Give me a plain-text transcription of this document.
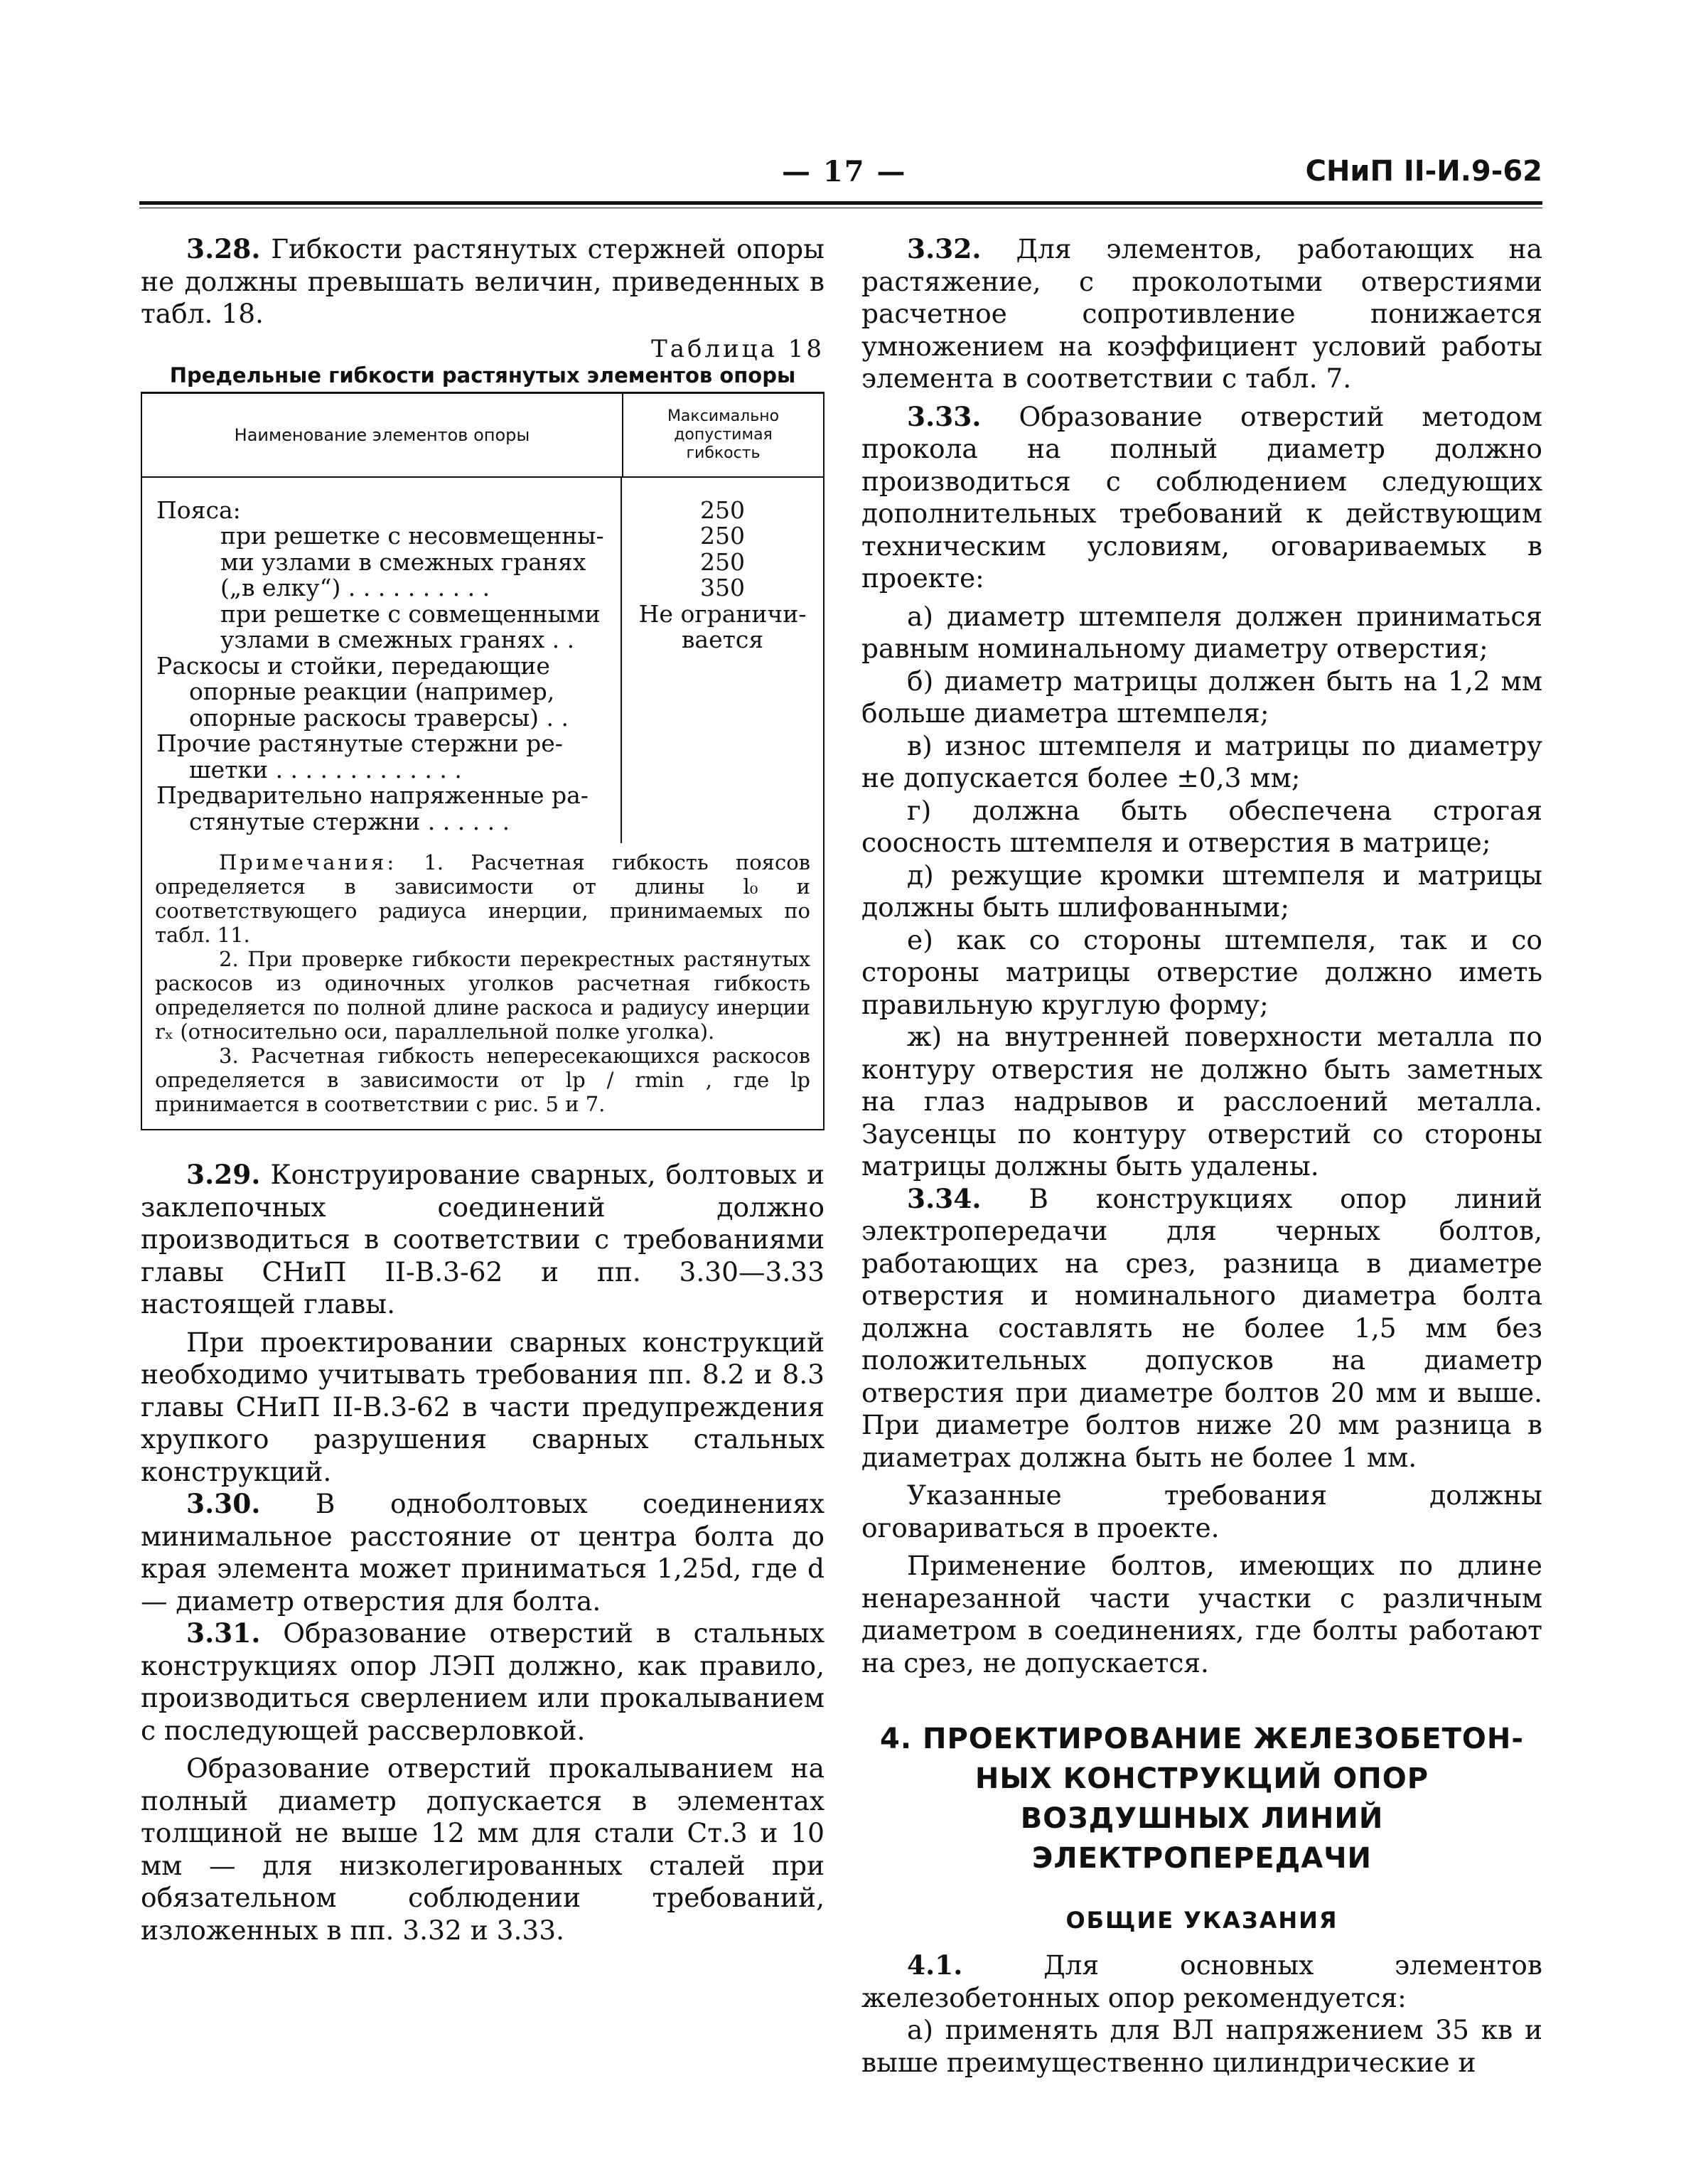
— 17 —	СНиП II-И.9-62

3.28. Гибкости растянутых стержней опоры не должны превышать величин, приведенных в табл. 18.

Таблица 18
Предельные гибкости растянутых элементов опоры
Наименование элементов опоры
Максимально допустимая гибкость
Пояса:
при решетке с несовмещенны-
ми узлами в смежных гранях
(„в елку“) . . . . . . . . . .
при решетке с совмещенными
узлами в смежных гранях . .
Раскосы и стойки, передающие
опорные реакции (например,
опорные раскосы траверсы) . .
Прочие растянутые стержни ре-
шетки . . . . . . . . . . . . .
Предварительно напряженные ра-
стянутые стержни . . . . . .
250
250
250
350
Не ограничи-
вается
Примечания: 1. Расчетная гибкость поясов определяется в зависимости от длины l₀ и соответствующего радиуса инерции, принимаемых по табл. 11.
2. При проверке гибкости перекрестных растянутых раскосов из одиночных уголков расчетная гибкость определяется по полной длине раскоса и радиусу инерции rₓ (относительно оси, параллельной полке уголка).
3. Расчетная гибкость непересекающихся раскосов определяется в зависимости от lр / rmin , где lр принимается в соответствии с рис. 5 и 7.

3.29. Конструирование сварных, болтовых и заклепочных соединений должно производиться в соответствии с требованиями главы СНиП II-В.3-62 и пп. 3.30—3.33 настоящей главы.

При проектировании сварных конструкций необходимо учитывать требования пп. 8.2 и 8.3 главы СНиП II-В.3-62 в части предупреждения хрупкого разрушения сварных стальных конструкций.

3.30. В одноболтовых соединениях минимальное расстояние от центра болта до края элемента может приниматься 1,25d, где d — диаметр отверстия для болта.

3.31. Образование отверстий в стальных конструкциях опор ЛЭП должно, как правило, производиться сверлением или прокалыванием с последующей рассверловкой.

Образование отверстий прокалыванием на полный диаметр допускается в элементах толщиной не выше 12 мм для стали Ст.3 и 10 мм — для низколегированных сталей при обязательном соблюдении требований, изложенных в пп. 3.32 и 3.33.

3.32. Для элементов, работающих на растяжение, с проколотыми отверстиями расчетное сопротивление понижается умножением на коэффициент условий работы элемента в соответствии с табл. 7.

3.33. Образование отверстий методом прокола на полный диаметр должно производиться с соблюдением следующих дополнительных требований к действующим техническим условиям, оговариваемых в проекте:

а) диаметр штемпеля должен приниматься равным номинальному диаметру отверстия;

б) диаметр матрицы должен быть на 1,2 мм больше диаметра штемпеля;

в) износ штемпеля и матрицы по диаметру не допускается более ±0,3 мм;

г) должна быть обеспечена строгая соосность штемпеля и отверстия в матрице;

д) режущие кромки штемпеля и матрицы должны быть шлифованными;

е) как со стороны штемпеля, так и со стороны матрицы отверстие должно иметь правильную круглую форму;

ж) на внутренней поверхности металла по контуру отверстия не должно быть заметных на глаз надрывов и расслоений металла. Заусенцы по контуру отверстий со стороны матрицы должны быть удалены.

3.34. В конструкциях опор линий электропередачи для черных болтов, работающих на срез, разница в диаметре отверстия и номинального диаметра болта должна составлять не более 1,5 мм без положительных допусков на диаметр отверстия при диаметре болтов 20 мм и выше. При диаметре болтов ниже 20 мм разница в диаметрах должна быть не более 1 мм.

Указанные требования должны оговариваться в проекте.

Применение болтов, имеющих по длине ненарезанной части участки с различным диаметром в соединениях, где болты работают на срез, не допускается.

4. ПРОЕКТИРОВАНИЕ ЖЕЛЕЗОБЕТОН-
НЫХ КОНСТРУКЦИЙ ОПОР
ВОЗДУШНЫХ ЛИНИЙ
ЭЛЕКТРОПЕРЕДАЧИ
ОБЩИЕ УКАЗАНИЯ

4.1.	Для основных элементов железобетонных опор рекомендуется:

а) применять для ВЛ напряжением 35 кв и выше преимущественно цилиндрические и
